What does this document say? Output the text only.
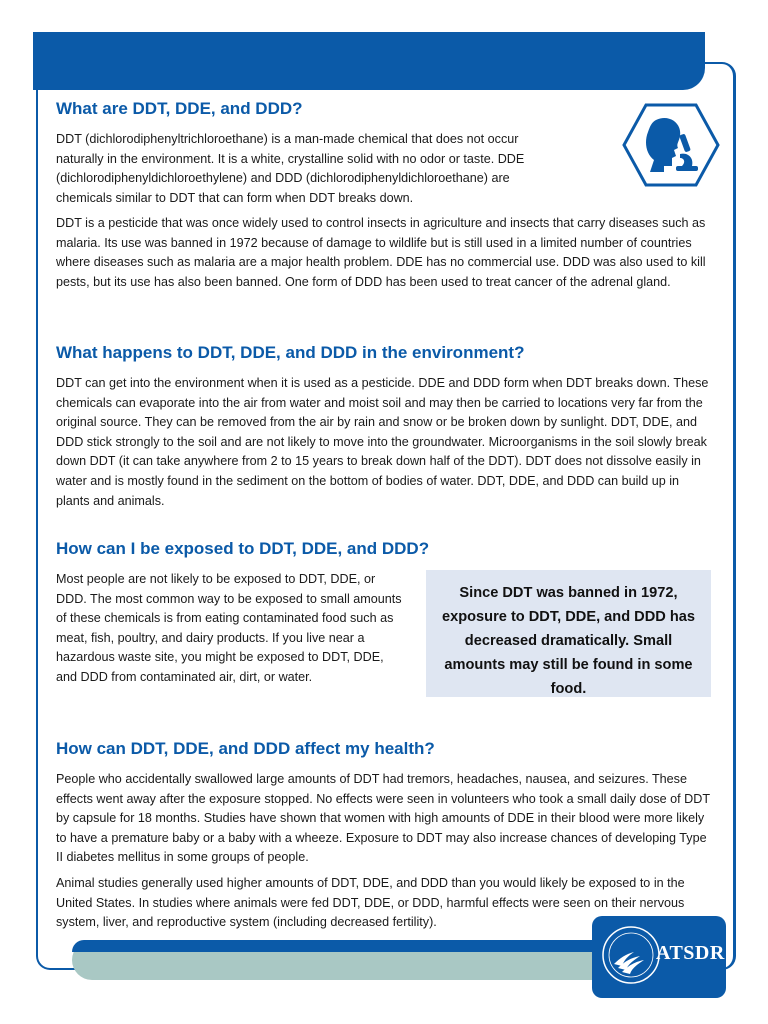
What are DDT, DDE, and DDD?

DDT (dichlorodiphenyltrichloroethane) is a man-made chemical that does not occur naturally in the environment. It is a white, crystalline solid with no odor or taste. DDE (dichlorodiphenyldichloroethylene) and DDD (dichlorodiphenyldichloroethane) are chemicals similar to DDT that can form when DDT breaks down.

DDT is a pesticide that was once widely used to control insects in agriculture and insects that carry diseases such as malaria. Its use was banned in 1972 because of damage to wildlife but is still used in a limited number of countries where diseases such as malaria are a major health problem. DDE has no commercial use. DDD was also used to kill pests, but its use has also been banned. One form of DDD has been used to treat cancer of the adrenal gland.

What happens to DDT, DDE, and DDD in the environment?

DDT can get into the environment when it is used as a pesticide. DDE and DDD form when DDT breaks down. These chemicals can evaporate into the air from water and moist soil and may then be carried to locations very far from the original source. They can be removed from the air by rain and snow or be broken down by sunlight. DDT, DDE, and DDD stick strongly to the soil and are not likely to move into the groundwater. Microorganisms in the soil slowly break down DDT (it can take anywhere from 2 to 15 years to break down half of the DDT). DDT does not dissolve easily in water and is mostly found in the sediment on the bottom of bodies of water. DDT, DDE, and DDD can build up in plants and animals.

How can I be exposed to DDT, DDE, and DDD?

Most people are not likely to be exposed to DDT, DDE, or DDD. The most common way to be exposed to small amounts of these chemicals is from eating contaminated food such as meat, fish, poultry, and dairy products. If you live near a hazardous waste site, you might be exposed to DDT, DDE, and DDD from contaminated air, dirt, or water.

Since DDT was banned in 1972, exposure to DDT, DDE, and DDD has decreased dramatically. Small amounts may still be found in some food.
How can DDT, DDE, and DDD affect my health?

People who accidentally swallowed large amounts of DDT had tremors, headaches, nausea, and seizures. These effects went away after the exposure stopped. No effects were seen in volunteers who took a small daily dose of DDT by capsule for 18 months. Studies have shown that women with high amounts of DDE in their blood were more likely to have a premature baby or a baby with a wheeze. Exposure to DDT may also increase chances of developing Type II diabetes mellitus in some groups of people.

Animal studies generally used higher amounts of DDT, DDE, and DDD than you would likely be exposed to in the United States. In studies where animals were fed DDT, DDE, or DDD, harmful effects were seen on their nervous system, liver, and reproductive system (including decreased fertility).

ATSDR
